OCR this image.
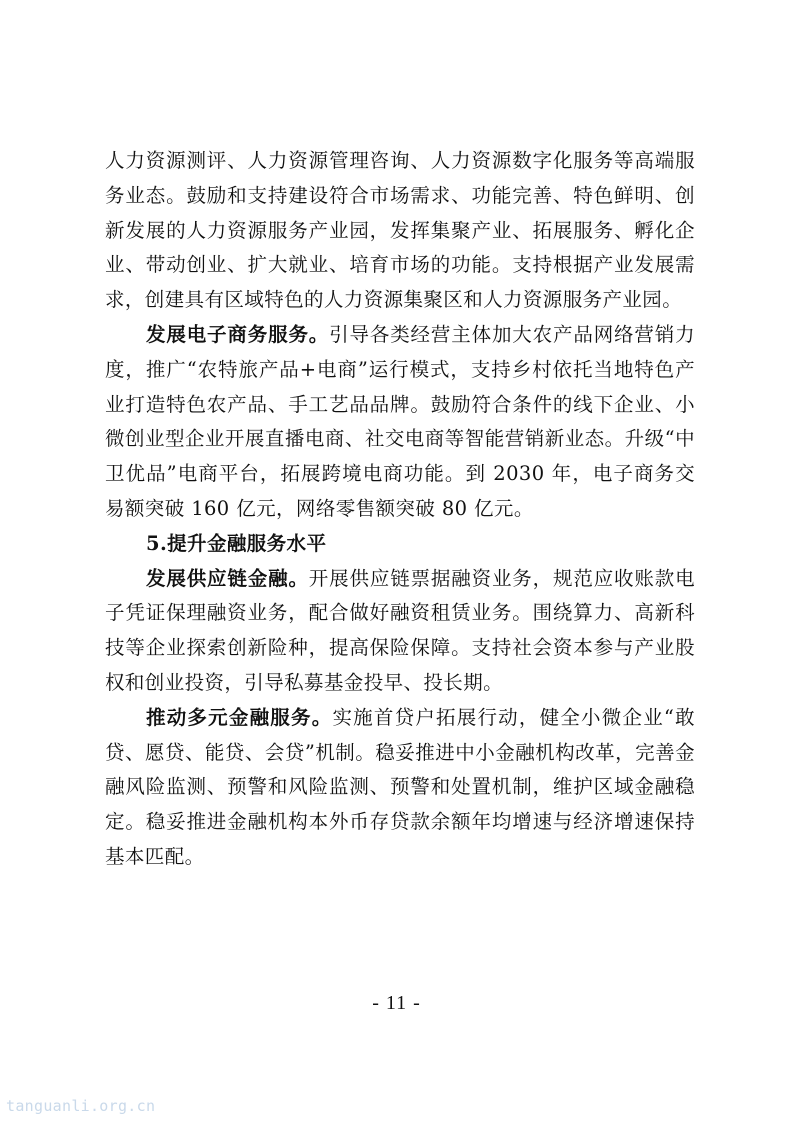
人力资源测评、人力资源管理咨询、人力资源数字化服务等高端服务业态。鼓励和支持建设符合市场需求、功能完善、特色鲜明、创新发展的人力资源服务产业园，发挥集聚产业、拓展服务、孵化企业、带动创业、扩大就业、培育市场的功能。支持根据产业发展需求，创建具有区域特色的人力资源集聚区和人力资源服务产业园。

发展电子商务服务。引导各类经营主体加大农产品网络营销力度，推广“农特旅产品+电商”运行模式，支持乡村依托当地特色产业打造特色农产品、手工艺品品牌。鼓励符合条件的线下企业、小微创业型企业开展直播电商、社交电商等智能营销新业态。升级“中卫优品”电商平台，拓展跨境电商功能。到 2030 年，电子商务交易额突破 160 亿元，网络零售额突破 80 亿元。

5.提升金融服务水平

发展供应链金融。开展供应链票据融资业务，规范应收账款电子凭证保理融资业务，配合做好融资租赁业务。围绕算力、高新科技等企业探索创新险种，提高保险保障。支持社会资本参与产业股权和创业投资，引导私募基金投早、投长期。

推动多元金融服务。实施首贷户拓展行动，健全小微企业“敢贷、愿贷、能贷、会贷”机制。稳妥推进中小金融机构改革，完善金融风险监测、预警和风险监测、预警和处置机制，维护区域金融稳定。稳妥推进金融机构本外币存贷款余额年均增速与经济增速保持基本匹配。

- 11 -
tanguanli.org.cn
